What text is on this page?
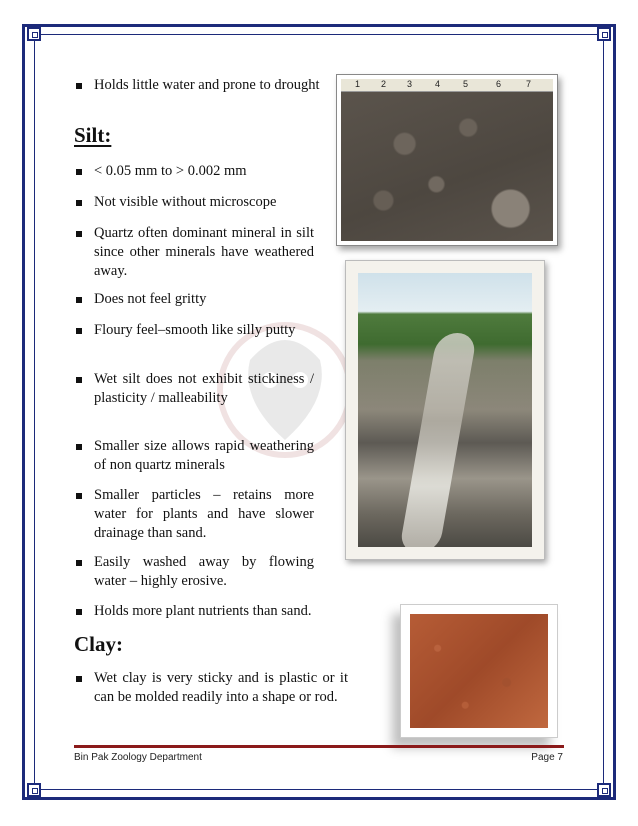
Holds little water and prone to drought
Silt:
< 0.05 mm to > 0.002 mm
Not visible without microscope
Quartz often dominant mineral in silt since other minerals have weathered away.
Does not feel gritty
Floury feel–smooth like silly putty
Wet silt does not exhibit stickiness / plasticity / malleability
Smaller size allows rapid weathering of non quartz minerals
Smaller particles – retains more water for plants and have slower drainage than sand.
Easily washed away by flowing water – highly erosive.
Holds more plant nutrients than sand.
Clay:
Wet clay is very sticky and is plastic or it can be molded readily into a shape or rod.
1 2 3	4	5	6	7
Bin Pak Zoology Department	Page 7
